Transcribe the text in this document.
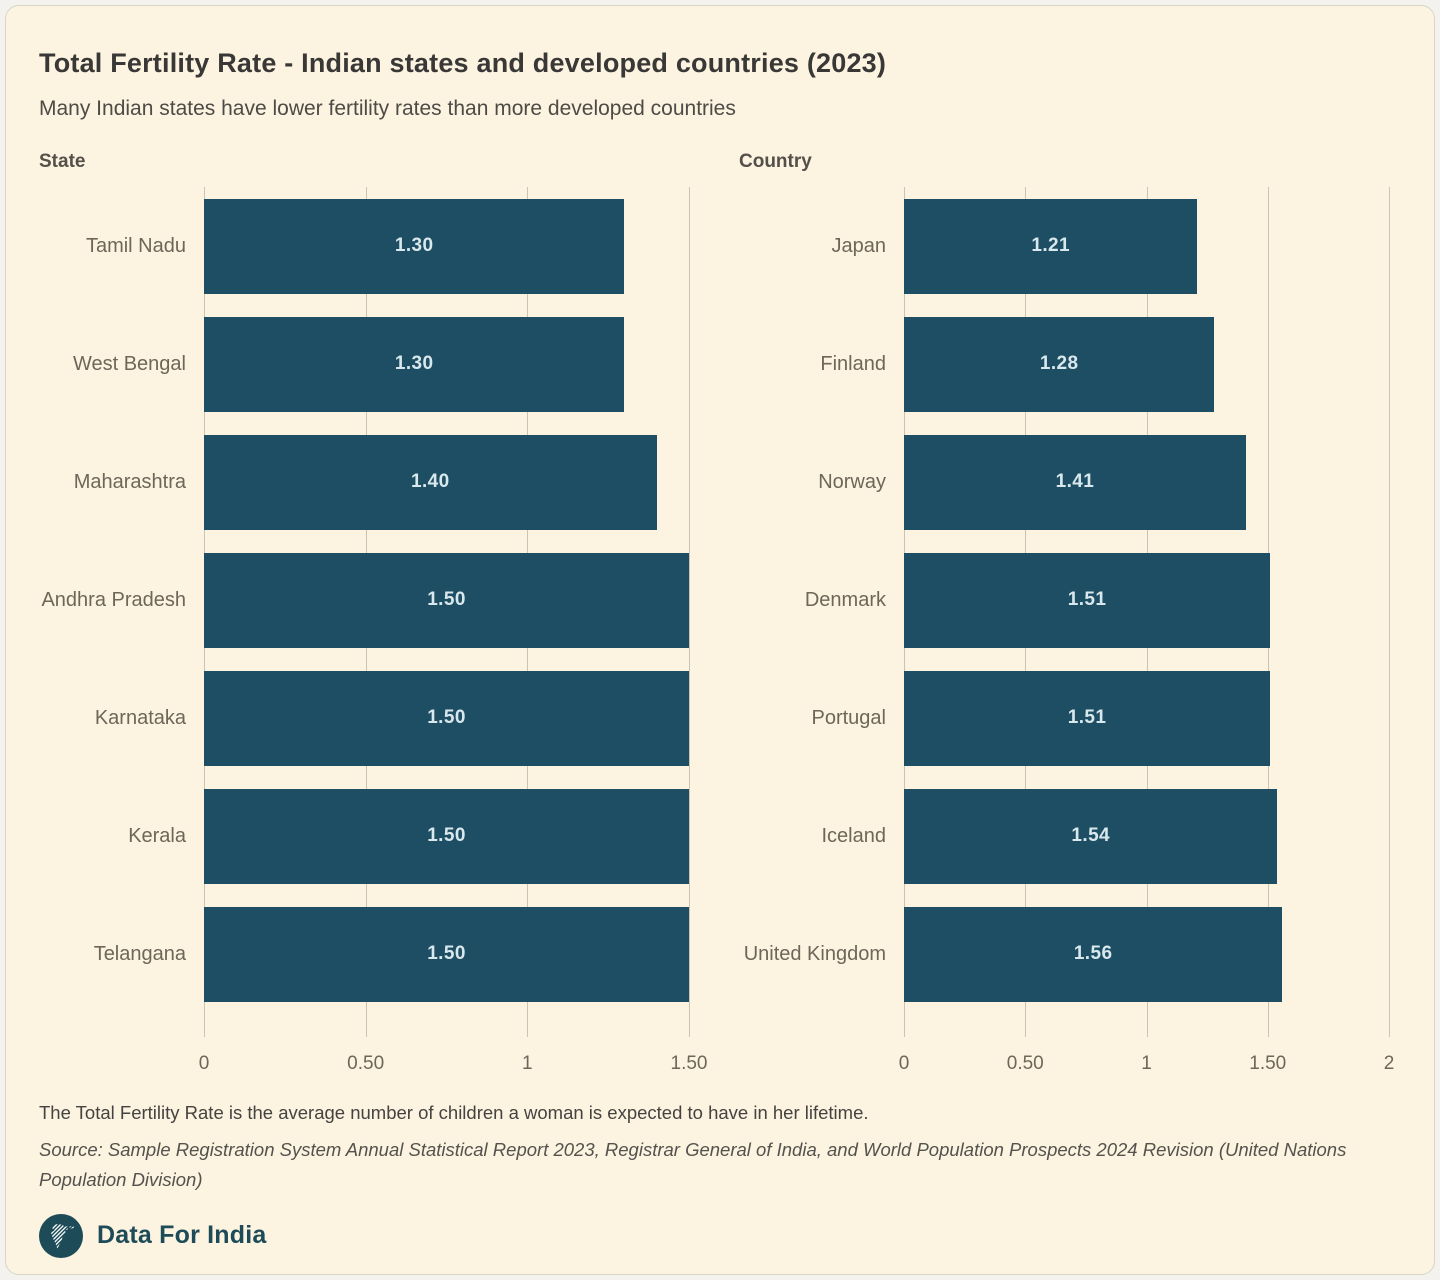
Total Fertility Rate - Indian states and developed countries (2023)

Many Indian states have lower fertility rates than more developed countries

State
Tamil Nadu
West Bengal
Maharashtra
Andhra Pradesh
Karnataka
Kerala
Telangana
0	0.50	1	1.50
1.30
1.30
1.40
1.50
1.50
1.50
1.50
Country
Japan
Finland
Norway
Denmark
Portugal
Iceland
United Kingdom
0	0.50	1	1.50	2
1.21
1.28
1.41
1.51
1.51
1.54
1.56

The Total Fertility Rate is the average number of children a woman is expected to have in her lifetime.

Source: Sample Registration System Annual Statistical Report 2023, Registrar General of India, and World Population Prospects 2024 Revision (United Nations Population Division)

Data For India
